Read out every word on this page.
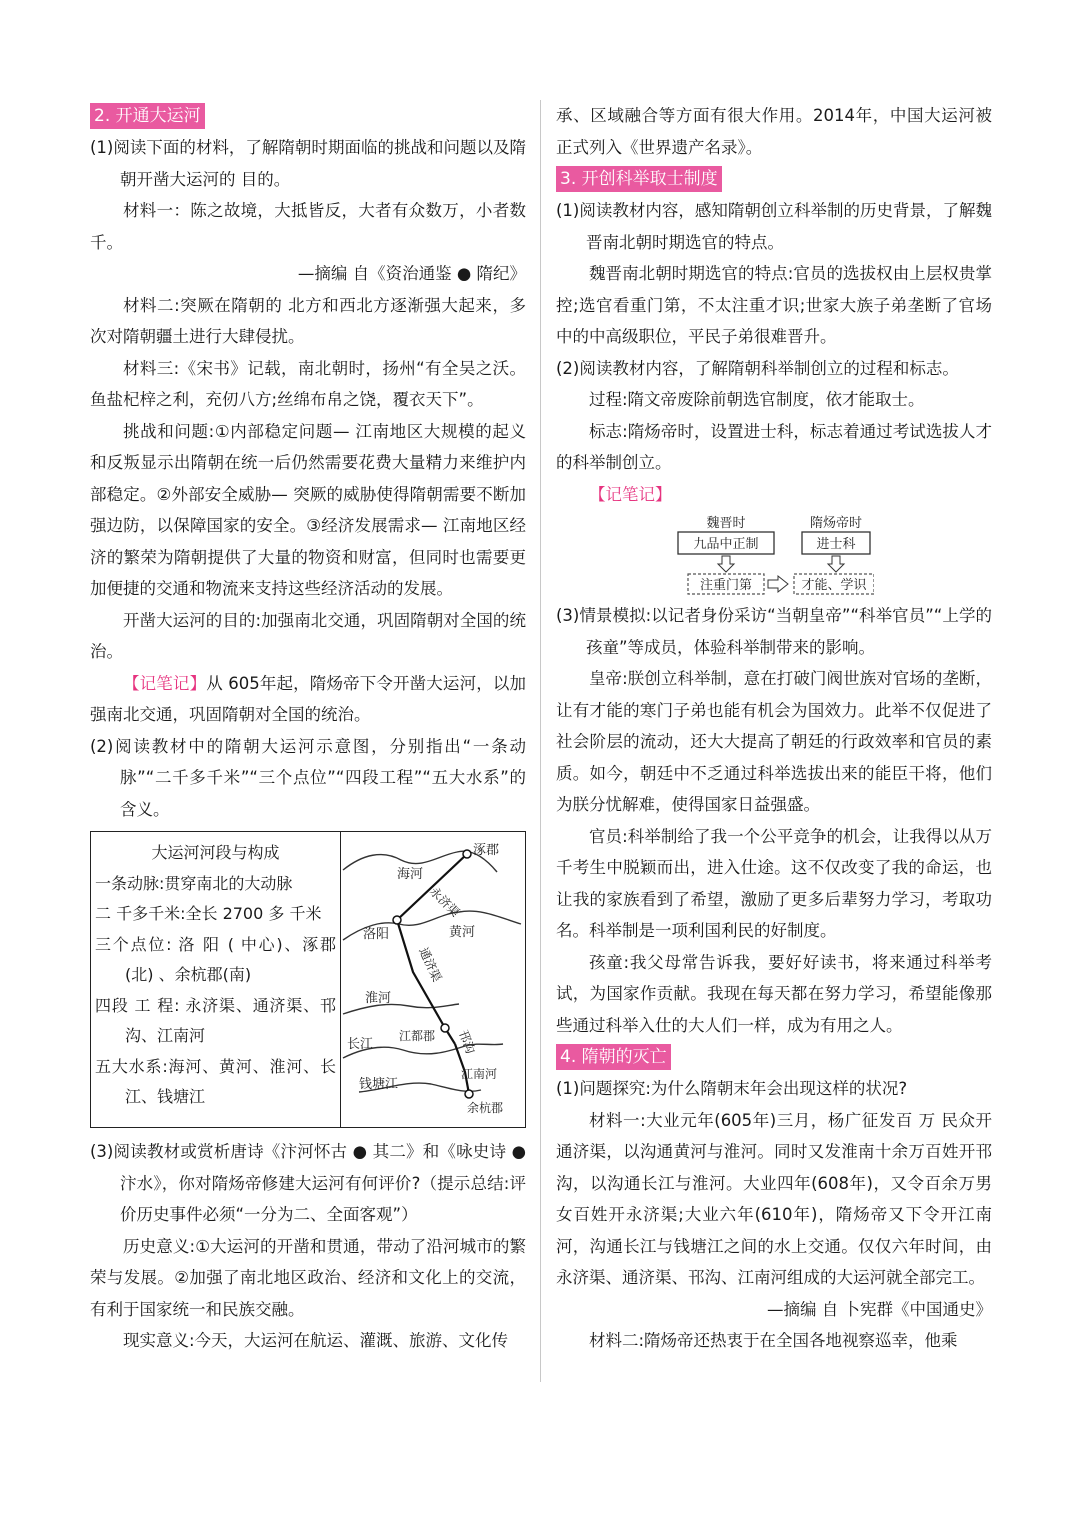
2. 开通大运河

(1)阅读下面的材料，了解隋朝时期面临的挑战和问题以及隋朝开凿大运河的 目的。

材料一：陈之故境，大抵皆反，大者有众数万，小者数千。

—摘编 自《资治通鉴 ● 隋纪》

材料二:突厥在隋朝的 北方和西北方逐渐强大起来，多次对隋朝疆土进行大肆侵扰。

材料三:《宋书》记载，南北朝时，扬州“有全吴之沃。鱼盐杞梓之利，充仞八方;丝绵布帛之饶，覆衣天下”。

挑战和问题:①内部稳定问题— 江南地区大规模的起义和反叛显示出隋朝在统一后仍然需要花费大量精力来维护内部稳定。②外部安全威胁— 突厥的威胁使得隋朝需要不断加强边防，以保障国家的安全。③经济发展需求— 江南地区经济的繁荣为隋朝提供了大量的物资和财富，但同时也需要更加便捷的交通和物流来支持这些经济活动的发展。

开凿大运河的目的:加强南北交通，巩固隋朝对全国的统治。

【记笔记】从 605年起，隋炀帝下令开凿大运河，以加强南北交通，巩固隋朝对全国的统治。

(2)阅读教材中的隋朝大运河示意图，分别指出“一条动脉”“二千多千米”“三个点位”“四段工程”“五大水系”的含义。

大运河河段与构成

一条动脉:贯穿南北的大动脉

二 千多千米:全长 2700 多 千米

三个点位: 洛 阳 ( 中心)、涿郡(北) 、余杭郡(南)

四段 工 程: 永济渠、通济渠、邗沟、江南河

五大水系:海河、黄河、淮河、长江、钱塘江

涿郡
海河
永济渠
洛阳	黄河
通济渠
淮河
江都郡 邗沟
长江
江南河
钱塘江
余杭郡

(3)阅读教材或赏析唐诗《汴河怀古 ● 其二》和《咏史诗 ● 汴水》，你对隋炀帝修建大运河有何评价?（提示总结:评价历史事件必须“一分为二、全面客观”）

历史意义:①大运河的开凿和贯通，带动了沿河城市的繁荣与发展。②加强了南北地区政治、经济和文化上的交流，有利于国家统一和民族交融。

现实意义:今天，大运河在航运、灌溉、旅游、文化传

承、区域融合等方面有很大作用。2014年，中国大运河被正式列入《世界遗产名录》。

3. 开创科举取士制度

(1)阅读教材内容，感知隋朝创立科举制的历史背景，了解魏晋南北朝时期选官的特点。

魏晋南北朝时期选官的特点:官员的选拔权由上层权贵掌控;选官看重门第，不太注重才识;世家大族子弟垄断了官场中的中高级职位，平民子弟很难晋升。

(2)阅读教材内容，了解隋朝科举制创立的过程和标志。

过程:隋文帝废除前朝选官制度，依才能取士。

标志:隋炀帝时，设置进士科，标志着通过考试选拔人才的科举制创立。

【记笔记】

魏晋时	隋炀帝时
九品中正制	进士科
注重门第	才能、学识

(3)情景模拟:以记者身份采访“当朝皇帝”“科举官员”“上学的孩童”等成员，体验科举制带来的影响。

皇帝:朕创立科举制，意在打破门阀世族对官场的垄断，让有才能的寒门子弟也能有机会为国效力。此举不仅促进了社会阶层的流动，还大大提高了朝廷的行政效率和官员的素质。如今，朝廷中不乏通过科举选拔出来的能臣干将，他们为朕分忧解难，使得国家日益强盛。

官员:科举制给了我一个公平竞争的机会，让我得以从万千考生中脱颖而出，进入仕途。这不仅改变了我的命运，也让我的家族看到了希望，激励了更多后辈努力学习，考取功名。科举制是一项利国利民的好制度。

孩童:我父母常告诉我，要好好读书，将来通过科举考试，为国家作贡献。我现在每天都在努力学习，希望能像那些通过科举入仕的大人们一样，成为有用之人。

4. 隋朝的灭亡

(1)问题探究:为什么隋朝末年会出现这样的状况?

材料一:大业元年(605年)三月，杨广征发百 万 民众开通济渠，以沟通黄河与淮河。同时又发淮南十余万百姓开邗沟，以沟通长江与淮河。大业四年(608年)，又令百余万男女百姓开永济渠;大业六年(610年)，隋炀帝又下令开江南河，沟通长江与钱塘江之间的水上交通。仅仅六年时间，由永济渠、通济渠、邗沟、江南河组成的大运河就全部完工。

—摘编 自 卜宪群《中国通史》

材料二:隋炀帝还热衷于在全国各地视察巡幸，他乘
